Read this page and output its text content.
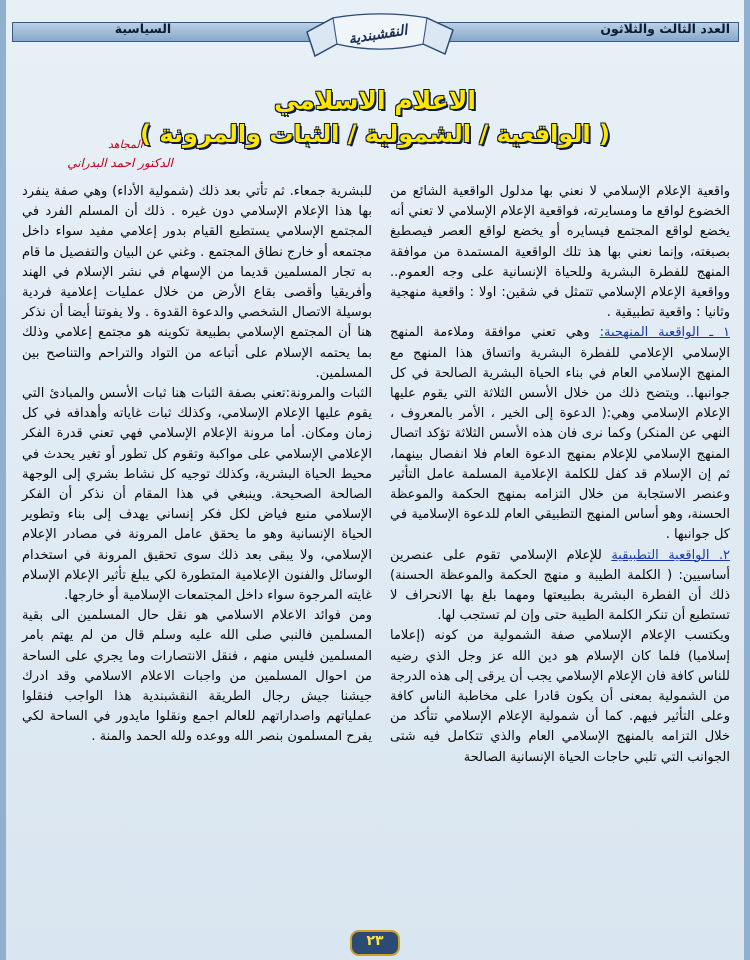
العدد الثالث والثلاثون
السياسية	النقشبندية
الاعلام الاسلامي
( الواقعية / الشمولية / الثبات والمرونة )
المجاهد
الدكتور احمد البدراني

واقعية الإعلام الإسلامي لا نعني بها مدلول الواقعية الشائع من الخضوع لواقع ما ومسايرته، فواقعية الإعلام الإسلامي لا تعني أنه يخضع لواقع المجتمع فيسايره أو يخضع لواقع العصر فيصطبغ بصبغته، وإنما نعني بها هذ تلك الواقعية المستمدة من موافقة المنهج للفطرة البشرية وللحياة الإنسانية على وجه العموم.. وواقعية الإعلام الإسلامي تتمثل في شقين: اولا : واقعية منهجية وثانيا : واقعية تطبيقية .

١ ـ الواقعية المنهجية: وهي تعني موافقة وملاءمة المنهج الإسلامي الإعلامي للفطرة البشرية واتساق هذا المنهج مع المنهج الإسلامي العام في بناء الحياة البشرية الصالحة في كل جوانبها.. ويتضح ذلك من خلال الأسس الثلاثة التي يقوم عليها الإعلام الإسلامي وهي:( الدعوة إلى الخير ، الأمر بالمعروف ، النهي عن المنكر) وكما نرى فان هذه الأسس الثلاثة تؤكد اتصال المنهج الإسلامي للإعلام بمنهج الدعوة العام فلا انفصال بينهما، ثم إن الإسلام قد كفل للكلمة الإعلامية المسلمة عامل التأثير وعنصر الاستجابة من خلال التزامه بمنهج الحكمة والموعظة الحسنة، وهو أساس المنهج التطبيقي العام للدعوة الإسلامية في كل جوانبها .

٢. الواقعية التطبيقية للإعلام الإسلامي تقوم على عنصرين أساسيين: ( الكلمة الطيبة و منهج الحكمة والموعظة الحسنة) ذلك أن الفطرة البشرية بطبيعتها ومهما بلغ بها الانحراف لا تستطيع أن تنكر الكلمة الطيبة حتى وإن لم تستجب لها.

ويكتسب الإعلام الإسلامي صفة الشمولية من كونه (إعلاما إسلاميا) فلما كان الإسلام هو دين الله عز وجل الذي رضيه للناس كافة فان الإعلام الإسلامي يجب أن يرقى إلى هذه الدرجة من الشمولية بمعنى أن يكون قادرا على مخاطبة الناس كافة وعلى التأثير فيهم. كما أن شمولية الإعلام الإسلامي تتأكد من خلال التزامه بالمنهج الإسلامي العام والذي تتكامل فيه شتى الجوانب التي تلبي حاجات الحياة الإنسانية الصالحة

للبشرية جمعاء. ثم تأتي بعد ذلك (شمولية الأداء) وهي صفة ينفرد بها هذا الإعلام الإسلامي دون غيره . ذلك أن المسلم الفرد في المجتمع الإسلامي يستطيع القيام بدور إعلامي مفيد سواء داخل مجتمعه أو خارج نطاق المجتمع . وغني عن البيان والتفصيل ما قام به تجار المسلمين قديما من الإسهام في نشر الإسلام في الهند وأفريقيا وأقصى بقاع الأرض من خلال عمليات إعلامية فردية بوسيلة الاتصال الشخصي والدعوة القدوة . ولا يفوتنا أيضا أن نذكر هنا أن المجتمع الإسلامي بطبيعة تكوينه هو مجتمع إعلامي وذلك بما يحتمه الإسلام على أتباعه من التواد والتراحم والتناصح بين المسلمين.

الثبات والمرونة:تعني بصفة الثبات هنا ثبات الأسس والمبادئ التي يقوم عليها الإعلام الإسلامي، وكذلك ثبات غاياته وأهدافه في كل زمان ومكان. أما مرونة الإعلام الإسلامي فهي تعني قدرة الفكر الإعلامي الإسلامي على مواكبة وتقوم كل تطور أو تغير يحدث في محيط الحياة البشرية، وكذلك توجيه كل نشاط بشري إلى الوجهة الصالحة الصحيحة. وينبغي في هذا المقام أن نذكر أن الفكر الإسلامي منبع فياض لكل فكر إنساني يهدف إلى بناء وتطوير الحياة الإنسانية وهو ما يحقق عامل المرونة في مصادر الإعلام الإسلامي، ولا يبقى بعد ذلك سوى تحقيق المرونة في استخدام الوسائل والفنون الإعلامية المتطورة لكي يبلغ تأثير الإعلام الإسلام غايته المرجوة سواء داخل المجتمعات الإسلامية أو خارجها.

ومن فوائد الاعلام الاسلامي هو نقل حال المسلمين الى بقية المسلمين فالنبي صلى الله عليه وسلم قال من لم يهتم بامر المسلمين فليس منهم ، فنقل الانتصارات وما يجري على الساحة من احوال المسلمين من واجبات الاعلام الاسلامي وقد ادرك جيشنا جيش رجال الطريقة النقشبندية هذا الواجب فنقلوا عملياتهم واصداراتهم للعالم اجمع ونقلوا مايدور في الساحة لكي يفرح المسلمون بنصر الله ووعده ولله الحمد والمنة .

٢٣
